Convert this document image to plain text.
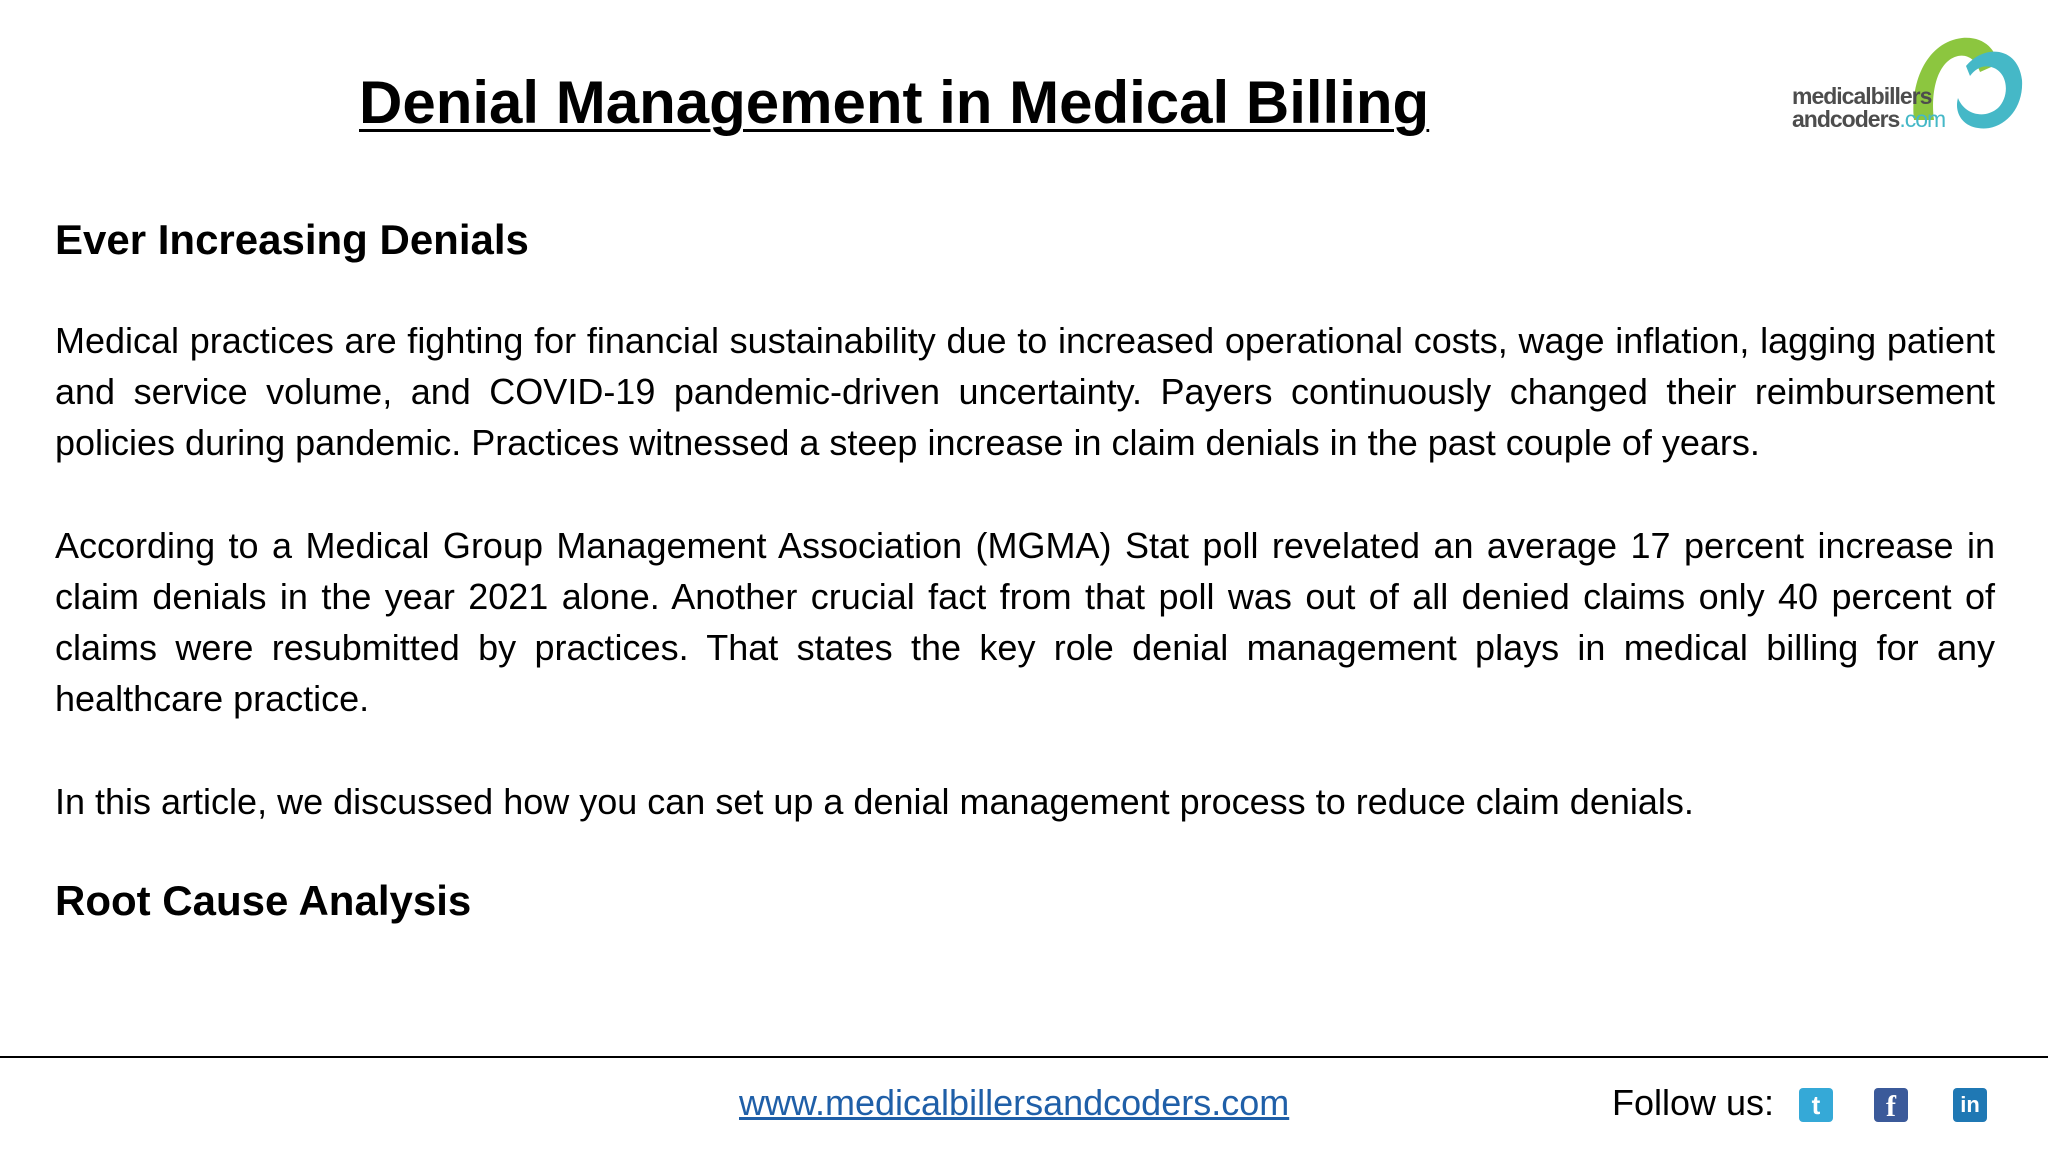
Denial Management in Medical Billing	medicalbillers
andcoders.com
Ever Increasing Denials

Medical practices are fighting for financial sustainability due to increased operational costs, wage inflation, lagging patient and service volume, and COVID-19 pandemic-driven uncertainty. Payers continuously changed their reimbursement policies during pandemic. Practices witnessed a steep increase in claim denials in the past couple of years.

According to a Medical Group Management Association (MGMA) Stat poll revelated an average 17 percent increase in claim denials in the year 2021 alone. Another crucial fact from that poll was out of all denied claims only 40 percent of claims were resubmitted by practices. That states the key role denial management plays in medical billing for any healthcare practice.

In this article, we discussed how you can set up a denial management process to reduce claim denials.

Root Cause Analysis
www.medicalbillersandcoders.com	Follow us:	t	f	in
